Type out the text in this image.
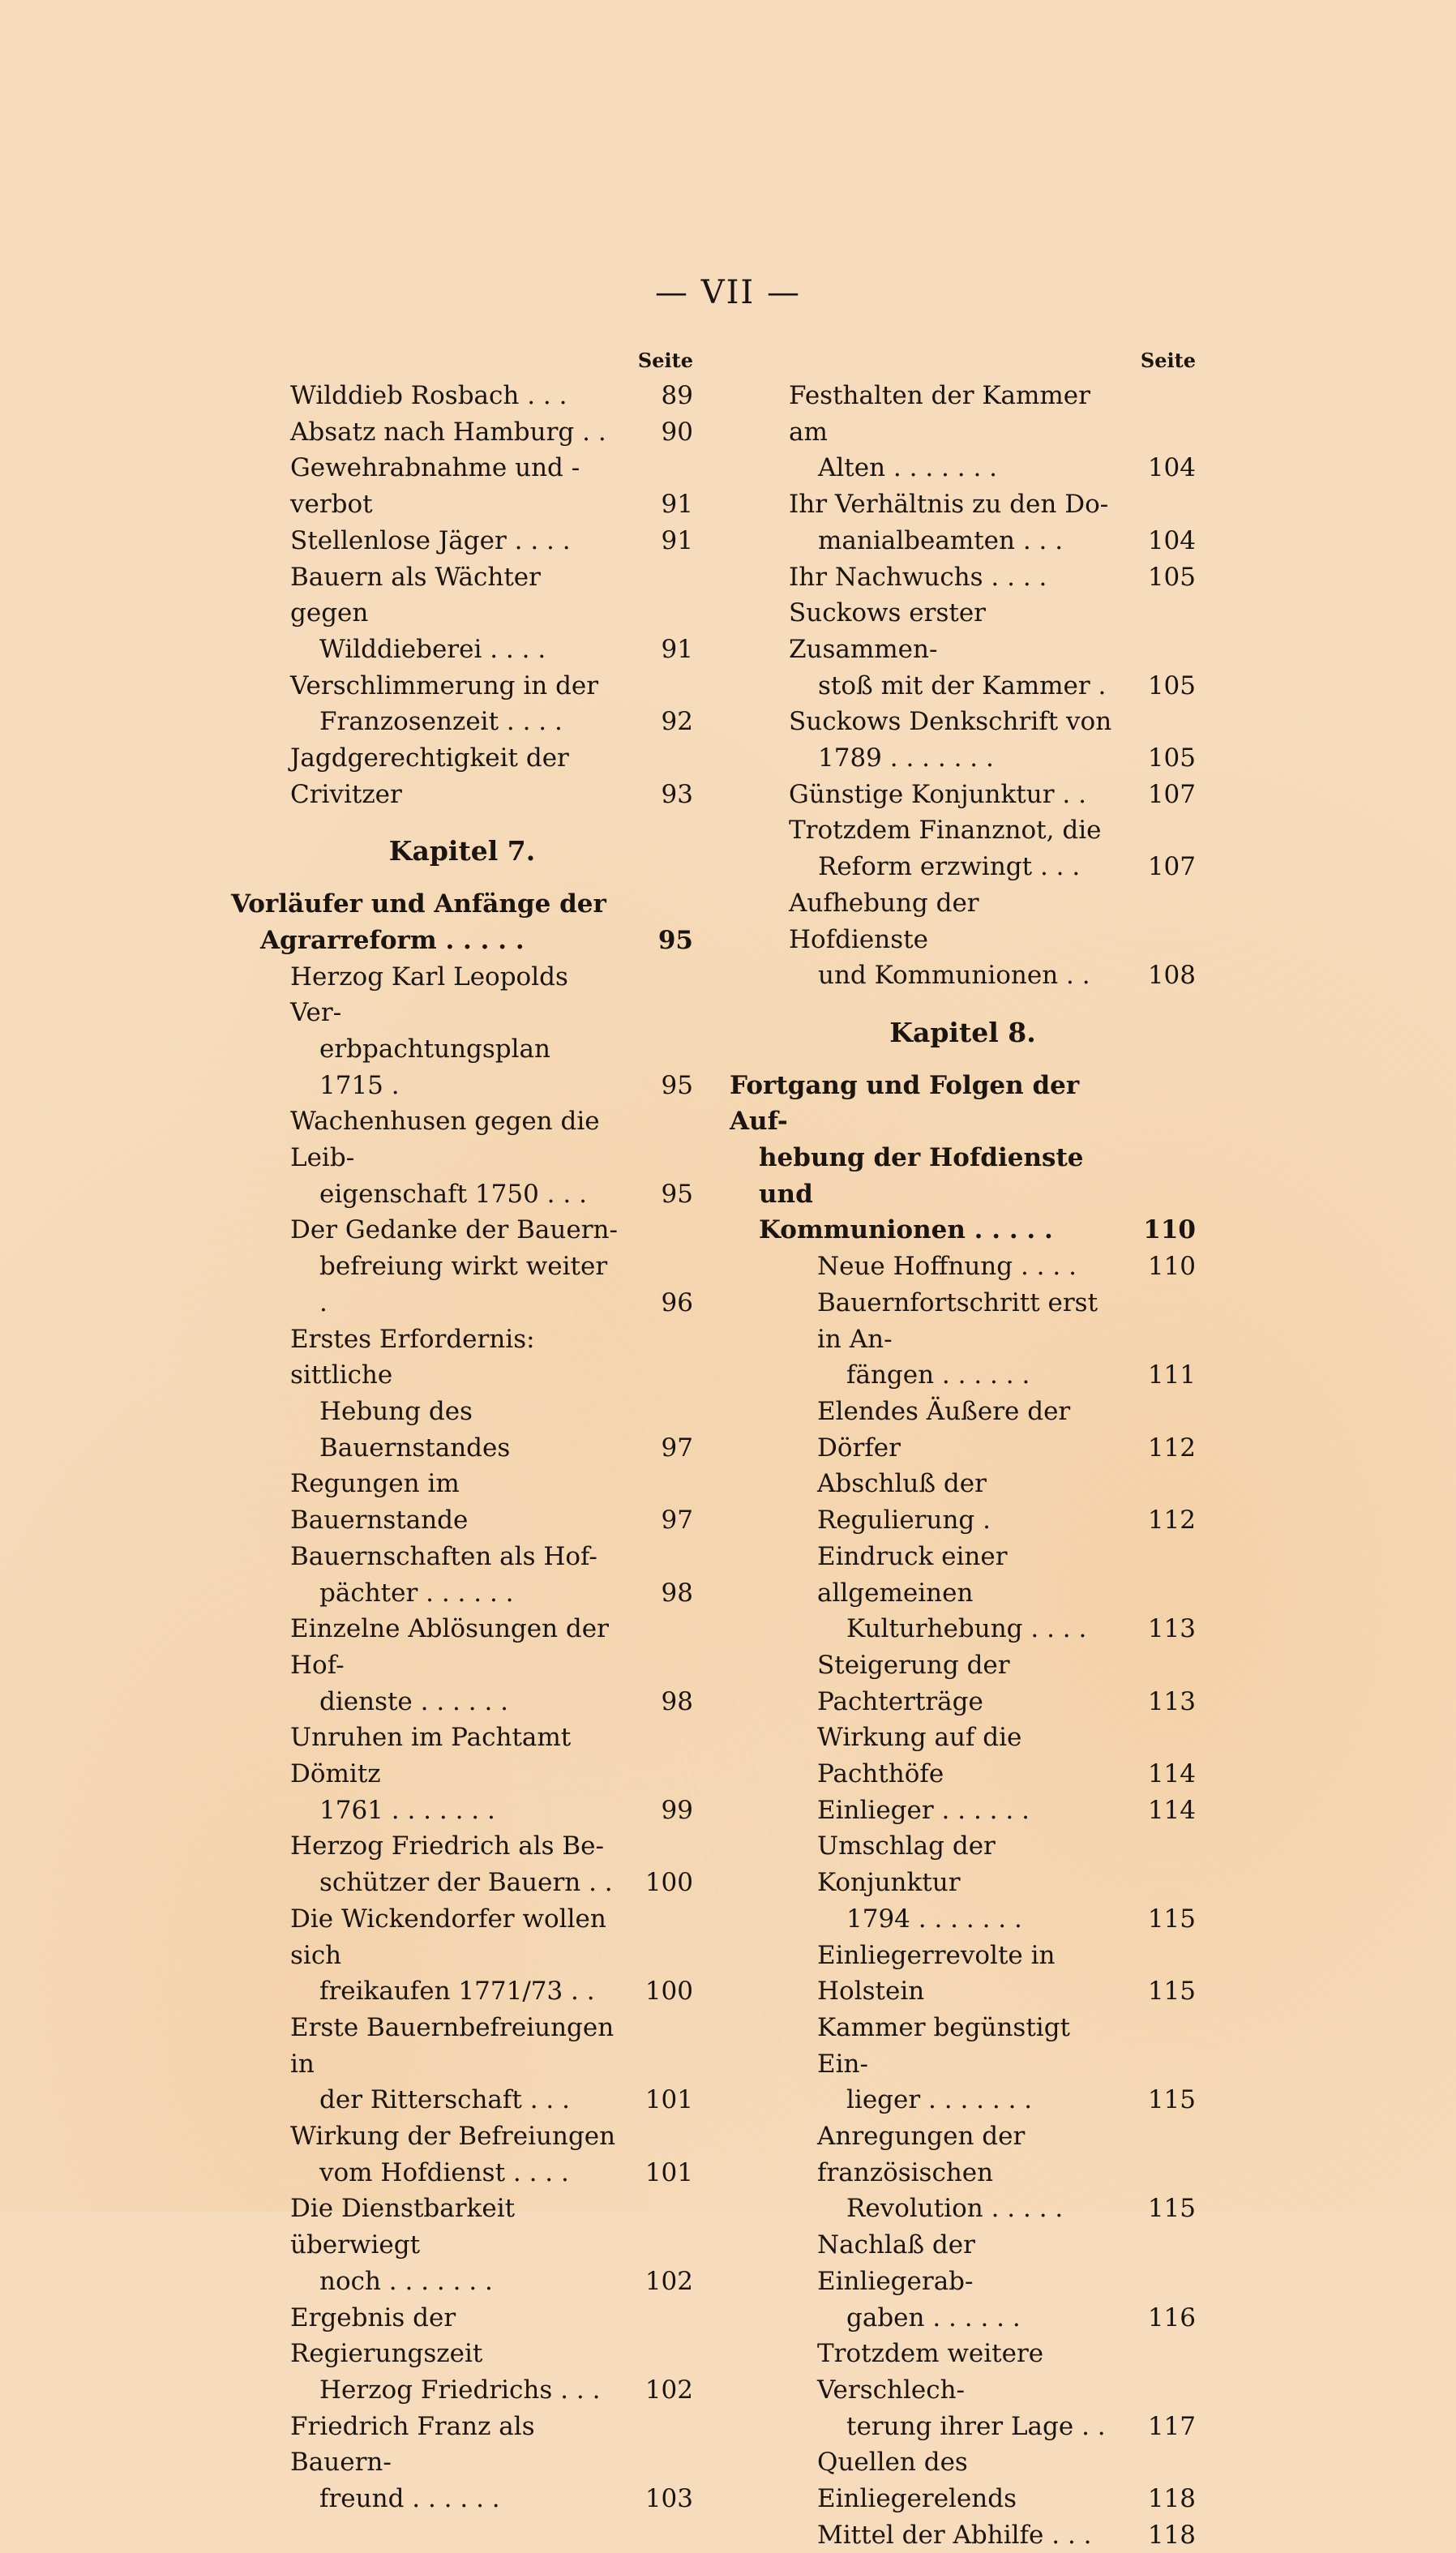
— VII —
Seite
Wilddieb Rosbach . . .	89
Absatz nach Hamburg . .	90
Gewehrabnahme und -verbot	91
Stellenlose Jäger . . . .	91
Bauern als Wächter gegen
Wilddieberei . . . .	91
Verschlimmerung in der
Franzosenzeit . . . .	92
Jagdgerechtigkeit der Crivitzer	93
Kapitel 7.
Vorläufer und Anfänge der
Agrarreform . . . . .	95
Herzog Karl Leopolds Ver-
erbpachtungsplan 1715 .	95
Wachenhusen gegen die Leib-
eigenschaft 1750 . . .	95
Der Gedanke der Bauern-
befreiung wirkt weiter .	96
Erstes Erfordernis: sittliche
Hebung des Bauernstandes	97
Regungen im Bauernstande	97
Bauernschaften als Hof-
pächter . . . . . .	98
Einzelne Ablösungen der Hof-
dienste . . . . . .	98
Unruhen im Pachtamt Dömitz
1761 . . . . . . .	99
Herzog Friedrich als Be-
schützer der Bauern . .	100
Die Wickendorfer wollen sich
freikaufen 1771/73 . .	100
Erste Bauernbefreiungen in
der Ritterschaft . . .	101
Wirkung der Befreiungen
vom Hofdienst . . . .	101
Die Dienstbarkeit überwiegt
noch . . . . . . .	102
Ergebnis der Regierungszeit
Herzog Friedrichs . . .	102
Friedrich Franz als Bauern-
freund . . . . . .	103
Seite
Festhalten der Kammer am
Alten . . . . . . .	104
Ihr Verhältnis zu den Do-
manialbeamten . . .	104
Ihr Nachwuchs . . . .	105
Suckows erster Zusammen-
stoß mit der Kammer .	105
Suckows Denkschrift von
1789 . . . . . . .	105
Günstige Konjunktur . .	107
Trotzdem Finanznot, die
Reform erzwingt . . .	107
Aufhebung der Hofdienste
und Kommunionen . .	108
Kapitel 8.
Fortgang und Folgen der Auf-
hebung der Hofdienste und
Kommunionen . . . . .	110
Neue Hoffnung . . . .	110
Bauernfortschritt erst in An-
fängen . . . . . .	111
Elendes Äußere der Dörfer	112
Abschluß der Regulierung .	112
Eindruck einer allgemeinen
Kulturhebung . . . .	113
Steigerung der Pachterträge	113
Wirkung auf die Pachthöfe	114
Einlieger . . . . . .	114
Umschlag der Konjunktur
1794 . . . . . . .	115
Einliegerrevolte in Holstein	115
Kammer begünstigt Ein-
lieger . . . . . . .	115
Anregungen der französischen
Revolution . . . . .	115
Nachlaß der Einliegerab-
gaben . . . . . .	116
Trotzdem weitere Verschlech-
terung ihrer Lage . .	117
Quellen des Einliegerelends	118
Mittel der Abhilfe . . .	118
